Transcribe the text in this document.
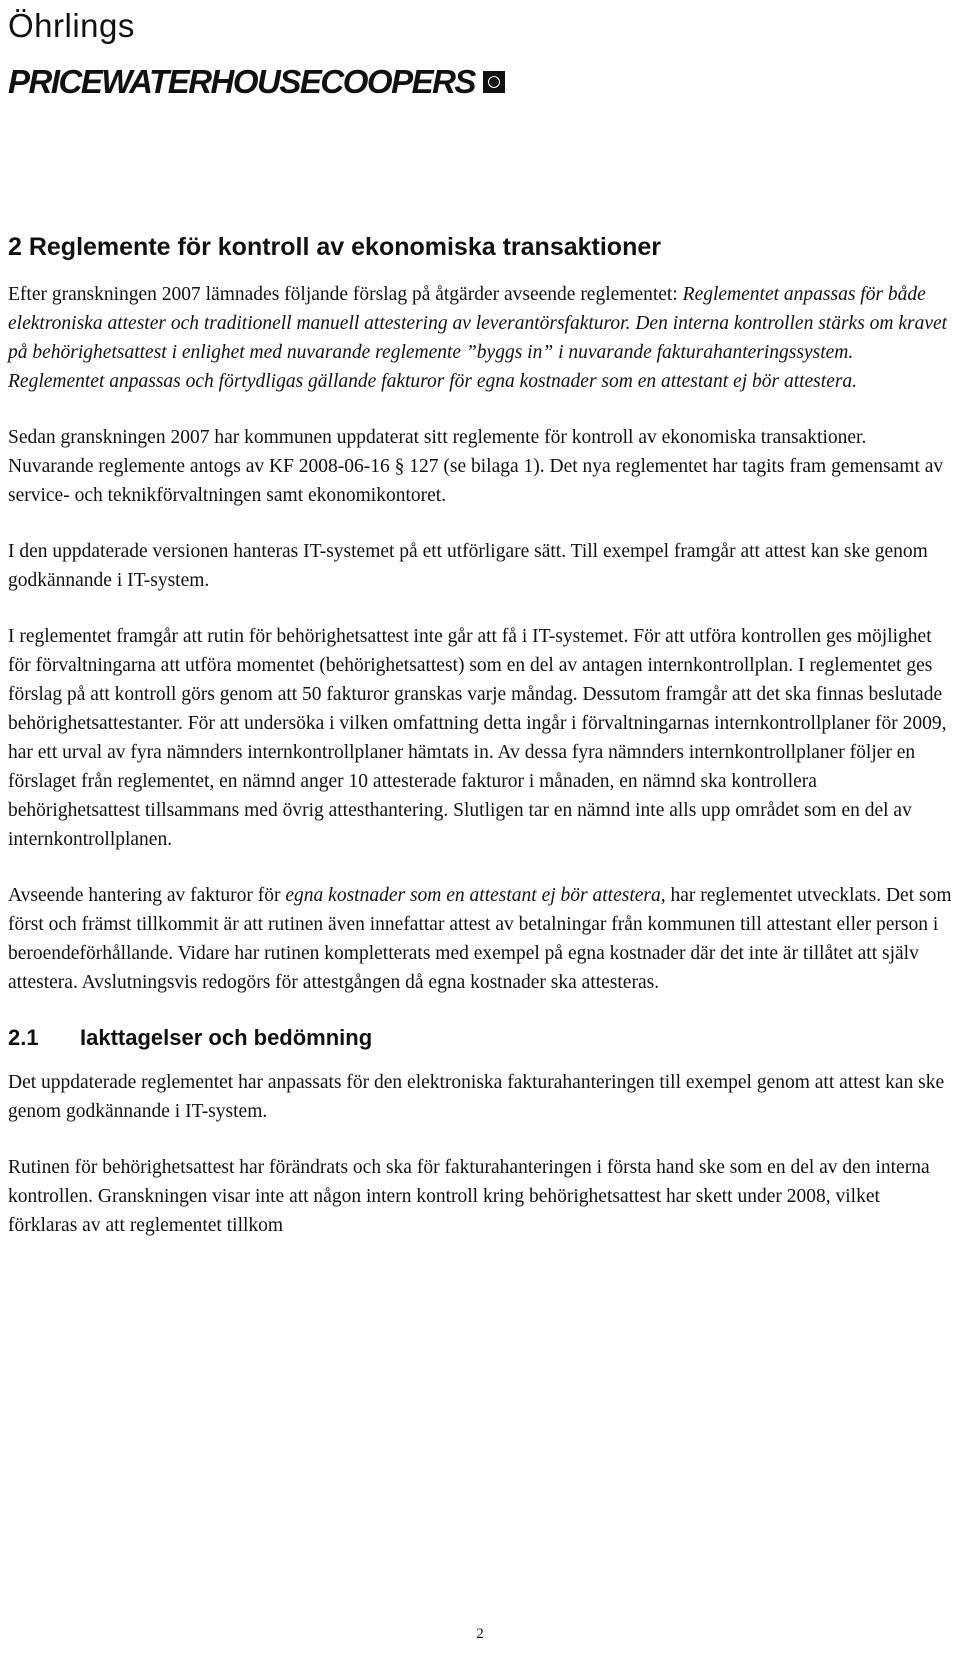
Öhrlings
PRICEWATERHOUSECOOPERS
2 Reglemente för kontroll av ekonomiska transaktioner

Efter granskningen 2007 lämnades följande förslag på åtgärder avseende reglementet: Reglementet anpassas för både elektroniska attester och traditionell manuell attestering av leverantörsfakturor. Den interna kontrollen stärks om kravet på behörighetsattest i enlighet med nuvarande reglemente ”byggs in” i nuvarande fakturahanteringssystem. Reglementet anpassas och förtydligas gällande fakturor för egna kostnader som en attestant ej bör attestera.

Sedan granskningen 2007 har kommunen uppdaterat sitt reglemente för kontroll av ekonomiska transaktioner. Nuvarande reglemente antogs av KF 2008-06-16 § 127 (se bilaga 1). Det nya reglementet har tagits fram gemensamt av service- och teknikförvaltningen samt ekonomikontoret.

I den uppdaterade versionen hanteras IT-systemet på ett utförligare sätt. Till exempel framgår att attest kan ske genom godkännande i IT-system.

I reglementet framgår att rutin för behörighetsattest inte går att få i IT-systemet. För att utföra kontrollen ges möjlighet för förvaltningarna att utföra momentet (behörighetsattest) som en del av antagen internkontrollplan. I reglementet ges förslag på att kontroll görs genom att 50 fakturor granskas varje måndag. Dessutom framgår att det ska finnas beslutade behörighetsattestanter. För att undersöka i vilken omfattning detta ingår i förvaltningarnas internkontrollplaner för 2009, har ett urval av fyra nämnders internkontrollplaner hämtats in. Av dessa fyra nämnders internkontrollplaner följer en förslaget från reglementet, en nämnd anger 10 attesterade fakturor i månaden, en nämnd ska kontrollera behörighetsattest tillsammans med övrig attesthantering. Slutligen tar en nämnd inte alls upp området som en del av internkontrollplanen.

Avseende hantering av fakturor för egna kostnader som en attestant ej bör attestera, har reglementet utvecklats. Det som först och främst tillkommit är att rutinen även innefattar attest av betalningar från kommunen till attestant eller person i beroendeförhållande. Vidare har rutinen kompletterats med exempel på egna kostnader där det inte är tillåtet att själv attestera. Avslutningsvis redogörs för attestgången då egna kostnader ska attesteras.

2.1 Iakttagelser och bedömning

Det uppdaterade reglementet har anpassats för den elektroniska fakturahanteringen till exempel genom att attest kan ske genom godkännande i IT-system.

Rutinen för behörighetsattest har förändrats och ska för fakturahanteringen i första hand ske som en del av den interna kontrollen. Granskningen visar inte att någon intern kontroll kring behörighetsattest har skett under 2008, vilket förklaras av att reglementet tillkom

2
